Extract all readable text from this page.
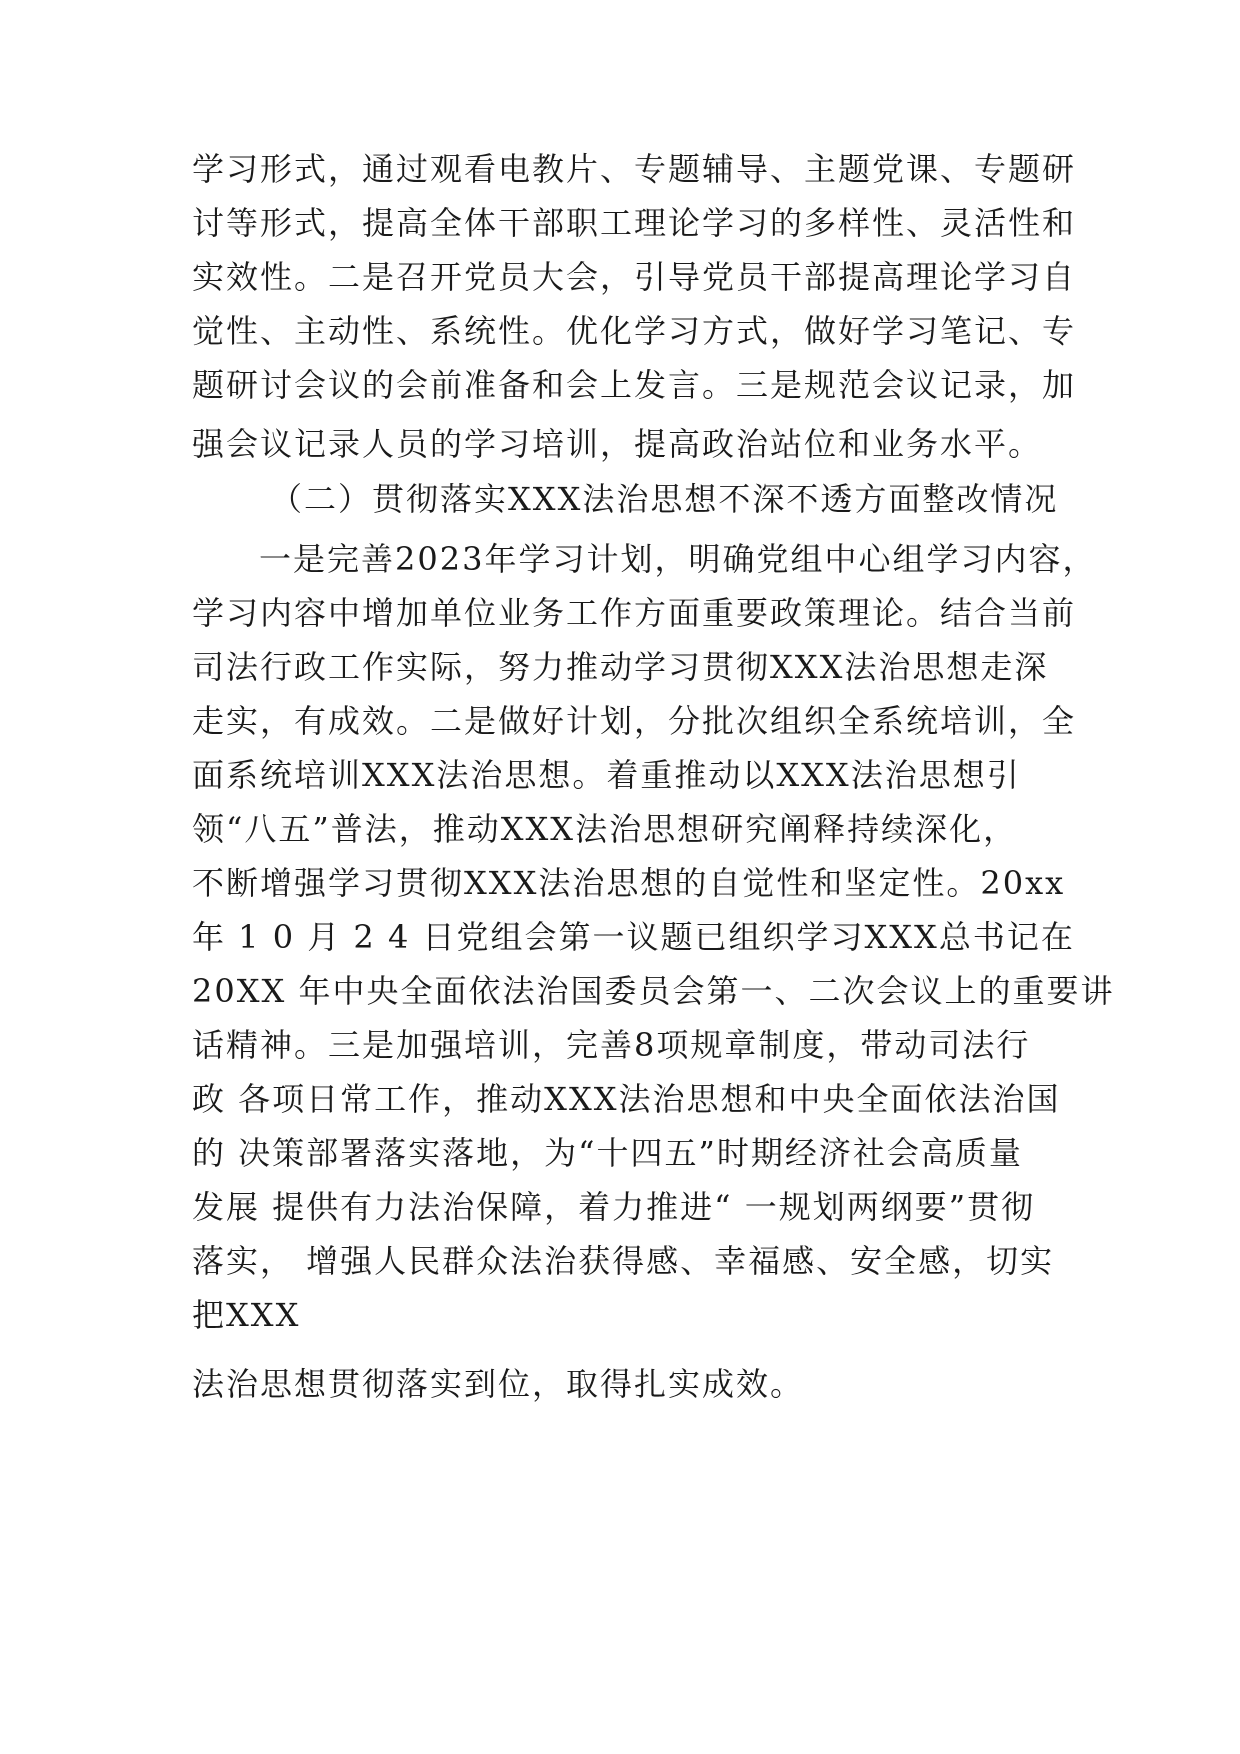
学习形式，通过观看电教片、专题辅导、主题党课、专题研

讨等形式，提高全体干部职工理论学习的多样性、灵活性和

实效性。二是召开党员大会，引导党员干部提高理论学习自

觉性、主动性、系统性。优化学习方式，做好学习笔记、专

题研讨会议的会前准备和会上发言。三是规范会议记录，加

强会议记录人员的学习培训，提高政治站位和业务水平。

（二）贯彻落实XXX法治思想不深不透方面整改情况

一是完善2023年学习计划，明确党组中心组学习内容，

学习内容中增加单位业务工作方面重要政策理论。结合当前

司法行政工作实际，努力推动学习贯彻XXX法治思想走深

走实，有成效。二是做好计划，分批次组织全系统培训，全

面系统培训XXX法治思想。着重推动以XXX法治思想引

领“八五”普法，推动XXX法治思想研究阐释持续深化，

不断增强学习贯彻XXX法治思想的自觉性和坚定性。20xx

年 1 0 月 2 4 日党组会第一议题已组织学习XXX总书记在

20XX 年中央全面依法治国委员会第一、二次会议上的重要讲

话精神。三是加强培训，完善8项规章制度，带动司法行

政 各项日常工作，推动XXX法治思想和中央全面依法治国

的 决策部署落实落地，为“十四五”时期经济社会高质量

发展 提供有力法治保障，着力推进“ 一规划两纲要”贯彻

落实， 增强人民群众法治获得感、幸福感、安全感，切实

把XXX

法治思想贯彻落实到位，取得扎实成效。
